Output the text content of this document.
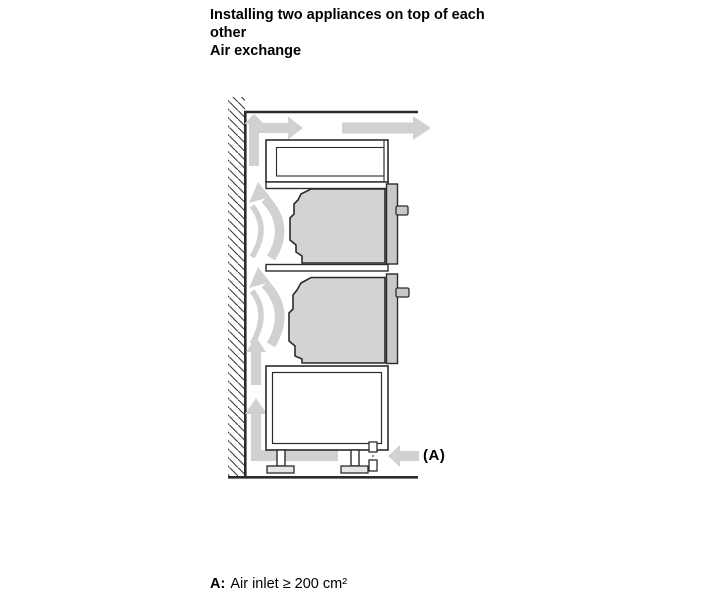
Installing two appliances on top of each other
Air exchange
(A)
A: Air inlet ≥ 200 cm²
